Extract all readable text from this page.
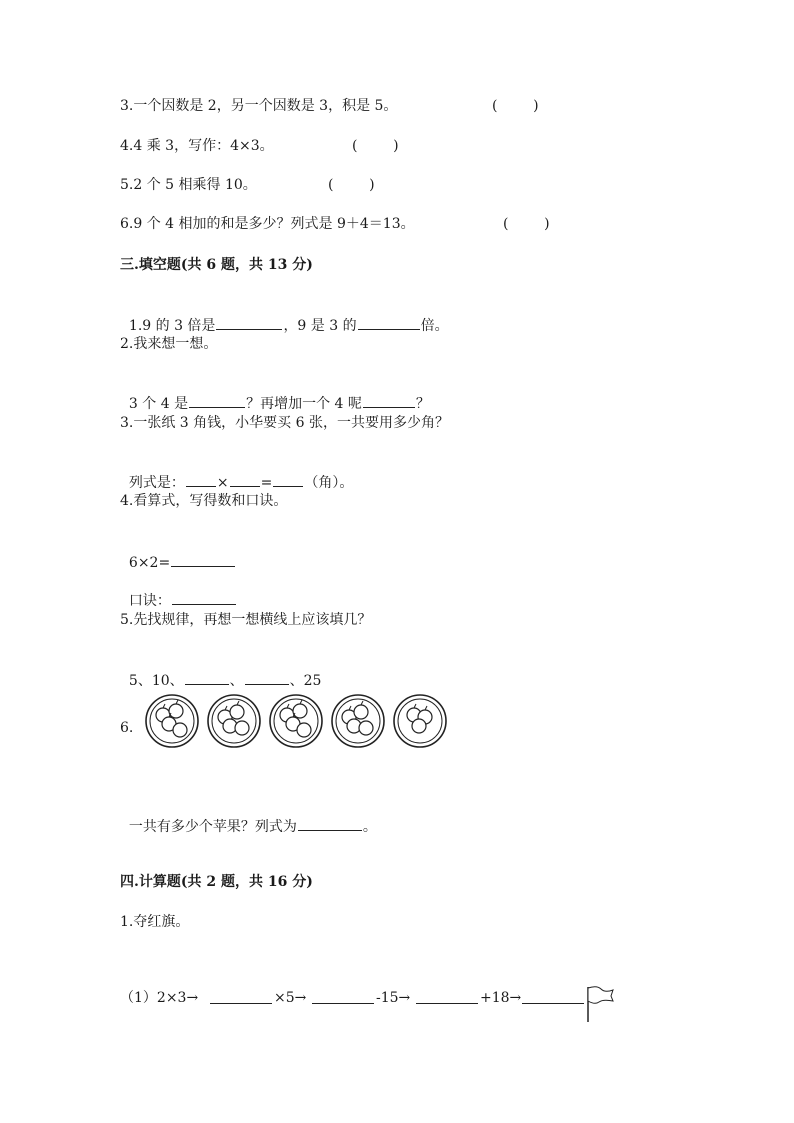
3.一个因数是 2，另一个因数是 3，积是 5。	(        )
4.4 乘 3，写作：4×3。	(        )
5.2 个 5 相乘得 10。	(        )
6.9 个 4 相加的和是多少？列式是 9＋4＝13。	(        )
三.填空题(共 6 题，共 13 分)

1.9 的 3 倍是	，9 是 3 的	倍。

2.我来想一想。

3 个 4 是	？再增加一个 4 呢	？

3.一张纸 3 角钱，小华要买 6 张，一共要用多少角？

列式是： × = （角）。

4.看算式，写得数和口诀。

6×2=

口诀：

5.先找规律，再想一想横线上应该填几？

5、10、	、	、25

6.

一共有多少个苹果？列式为	。

四.计算题(共 2 题，共 16 分)
1.夺红旗。
（1）2×3→	×5→	-15→	+18→
